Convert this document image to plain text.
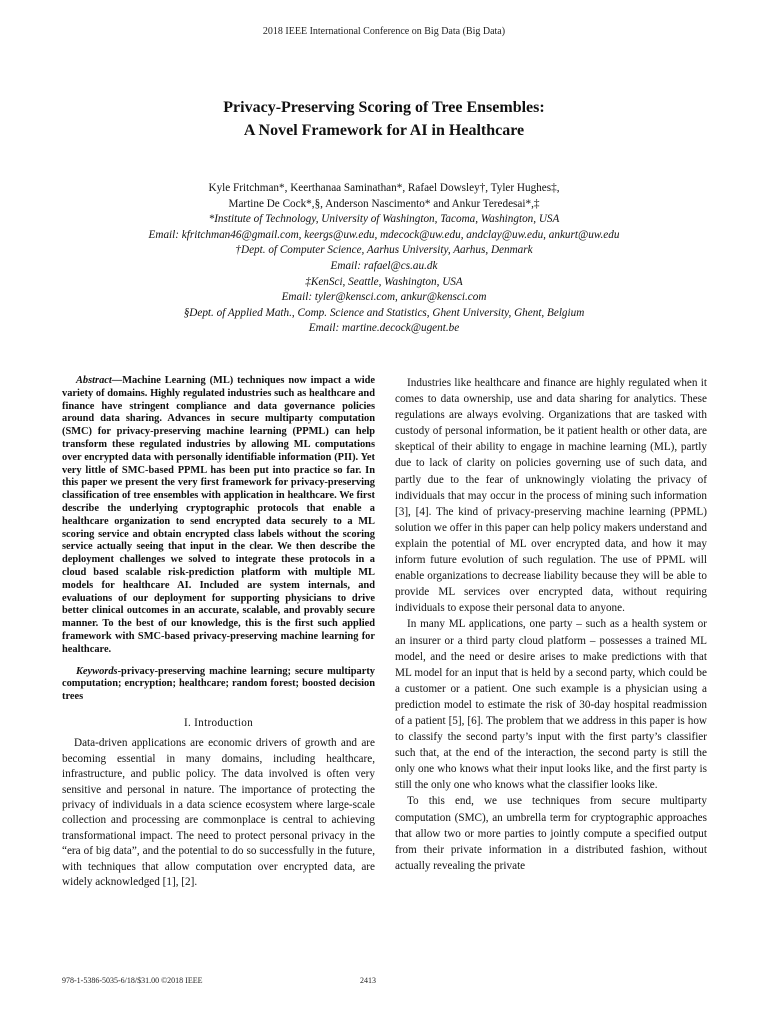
2018 IEEE International Conference on Big Data (Big Data)
Privacy-Preserving Scoring of Tree Ensembles:
A Novel Framework for AI in Healthcare
Kyle Fritchman*, Keerthanaa Saminathan*, Rafael Dowsley†, Tyler Hughes‡,
Martine De Cock*,§, Anderson Nascimento* and Ankur Teredesai*,‡
*Institute of Technology, University of Washington, Tacoma, Washington, USA
Email: kfritchman46@gmail.com, keergs@uw.edu, mdecock@uw.edu, andclay@uw.edu, ankurt@uw.edu
†Dept. of Computer Science, Aarhus University, Aarhus, Denmark
Email: rafael@cs.au.dk
‡KenSci, Seattle, Washington, USA
Email: tyler@kensci.com, ankur@kensci.com
§Dept. of Applied Math., Comp. Science and Statistics, Ghent University, Ghent, Belgium
Email: martine.decock@ugent.be

Abstract—Machine Learning (ML) techniques now impact a wide variety of domains. Highly regulated industries such as healthcare and finance have stringent compliance and data governance policies around data sharing. Advances in secure multiparty computation (SMC) for privacy-preserving machine learning (PPML) can help transform these regulated industries by allowing ML computations over encrypted data with personally identifiable information (PII). Yet very little of SMC-based PPML has been put into practice so far. In this paper we present the very first framework for privacy-preserving classification of tree ensembles with application in healthcare. We first describe the underlying cryptographic protocols that enable a healthcare organization to send encrypted data securely to a ML scoring service and obtain encrypted class labels without the scoring service actually seeing that input in the clear. We then describe the deployment challenges we solved to integrate these protocols in a cloud based scalable risk-prediction platform with multiple ML models for healthcare AI. Included are system internals, and evaluations of our deployment for supporting physicians to drive better clinical outcomes in an accurate, scalable, and provably secure manner. To the best of our knowledge, this is the first such applied framework with SMC-based privacy-preserving machine learning for healthcare.

Keywords-privacy-preserving machine learning; secure multiparty computation; encryption; healthcare; random forest; boosted decision trees

I. Introduction

Data-driven applications are economic drivers of growth and are becoming essential in many domains, including healthcare, infrastructure, and public policy. The data involved is often very sensitive and personal in nature. The importance of protecting the privacy of individuals in a data science ecosystem where large-scale collection and processing are commonplace is central to achieving transformational impact. The need to protect personal privacy in the “era of big data”, and the potential to do so successfully in the future, with techniques that allow computation over encrypted data, are widely acknowledged [1], [2].

Industries like healthcare and finance are highly regulated when it comes to data ownership, use and data sharing for analytics. These regulations are always evolving. Organizations that are tasked with custody of personal information, be it patient health or other data, are skeptical of their ability to engage in machine learning (ML), partly due to lack of clarity on policies governing use of such data, and partly due to the fear of unknowingly violating the privacy of individuals that may occur in the process of mining such information [3], [4]. The kind of privacy-preserving machine learning (PPML) solution we offer in this paper can help policy makers understand and explain the potential of ML over encrypted data, and how it may inform future evolution of such regulation. The use of PPML will enable organizations to decrease liability because they will be able to provide ML services over encrypted data, without requiring individuals to expose their personal data to anyone.

In many ML applications, one party – such as a health system or an insurer or a third party cloud platform – possesses a trained ML model, and the need or desire arises to make predictions with that ML model for an input that is held by a second party, which could be a customer or a patient. One such example is a physician using a prediction model to estimate the risk of 30-day hospital readmission of a patient [5], [6]. The problem that we address in this paper is how to classify the second party’s input with the first party’s classifier such that, at the end of the interaction, the second party is still the only one who knows what their input looks like, and the first party is still the only one who knows what the classifier looks like.

To this end, we use techniques from secure multiparty computation (SMC), an umbrella term for cryptographic approaches that allow two or more parties to jointly compute a specified output from their private information in a distributed fashion, without actually revealing the private

978-1-5386-5035-6/18/$31.00 ©2018 IEEE	2413
